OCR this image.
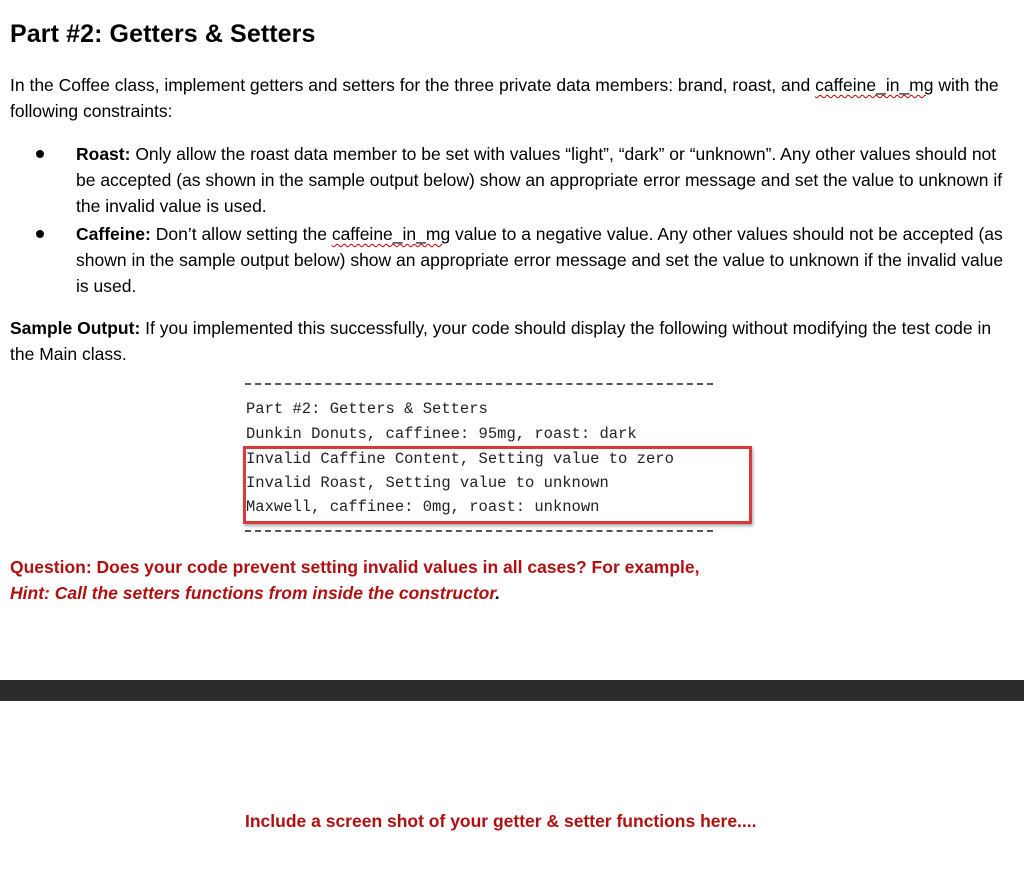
Part #2: Getters & Setters
In the Coffee class, implement getters and setters for the three private data members: brand, roast, and caffeine_in_mg with the following constraints:
Roast: Only allow the roast data member to be set with values “light”, “dark” or “unknown”. Any other values should not be accepted (as shown in the sample output below) show an appropriate error message and set the value to unknown if the invalid value is used.
Caffeine: Don’t allow setting the caffeine_in_mg value to a negative value. Any other values should not be accepted (as shown in the sample output below) show an appropriate error message and set the value to unknown if the invalid value is used.
Sample Output: If you implemented this successfully, your code should display the following without modifying the test code in the Main class.
Part #2: Getters & Setters
Dunkin Donuts, caffinee: 95mg, roast: dark
Invalid Caffine Content, Setting value to zero
Invalid Roast, Setting value to unknown
Maxwell, caffinee: 0mg, roast: unknown
Question: Does your code prevent setting invalid values in all cases? For example,
Hint: Call the setters functions from inside the constructor.
Include a screen shot of your getter & setter functions here....
